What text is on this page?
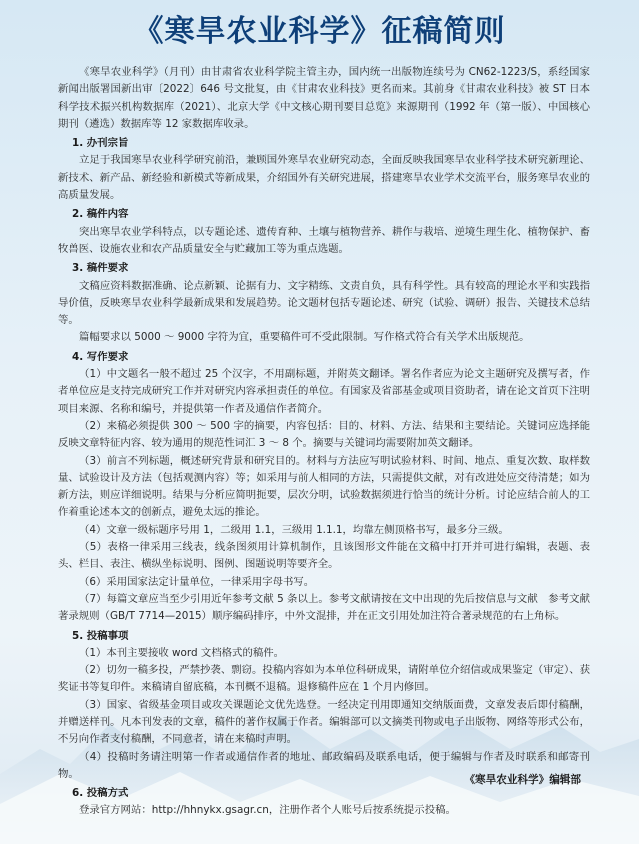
《寒旱农业科学》征稿简则

《寒旱农业科学》（月刊）由甘肃省农业科学院主管主办，国内统一出版物连续号为 CN62-1223/S，系经国家新闻出版署国新出审〔2022〕646 号文批复，由《甘肃农业科技》更名而来。其前身《甘肃农业科技》被 ST 日本科学技术振兴机构数据库（2021）、北京大学《中文核心期刊要目总览》来源期刊（1992 年（第一版）、中国核心期刊（遴选）数据库等 12 家数据库收录。

1. 办刊宗旨

立足于我国寒旱农业科学研究前沿，兼顾国外寒旱农业研究动态，全面反映我国寒旱农业科学技术研究新理论、新技术、新产品、新经验和新模式等新成果，介绍国外有关研究进展，搭建寒旱农业学术交流平台，服务寒旱农业的高质量发展。

2. 稿件内容

突出寒旱农业学科特点，以专题论述、遗传育种、土壤与植物营养、耕作与栽培、逆境生理生化、植物保护、畜牧兽医、设施农业和农产品质量安全与贮藏加工等为重点选题。

3. 稿件要求

文稿应资料数据准确、论点新颖、论据有力、文字精练、文责自负，具有科学性。具有较高的理论水平和实践指导价值，反映寒旱农业科学最新成果和发展趋势。论文题材包括专题论述、研究（试验、调研）报告、关键技术总结等。

篇幅要求以 5000 ～ 9000 字符为宜，重要稿件可不受此限制。写作格式符合有关学术出版规范。

4. 写作要求

（1）中文题名一般不超过 25 个汉字，不用副标题，并附英文翻译。署名作者应为论文主题研究及撰写者，作者单位应是支持完成研究工作并对研究内容承担责任的单位。有国家及省部基金或项目资助者，请在论文首页下注明项目来源、名称和编号，并提供第一作者及通信作者简介。

（2）来稿必须提供 300 ～ 500 字的摘要，内容包括：目的、材料、方法、结果和主要结论。关键词应选择能反映文章特征内容、较为通用的规范性词汇 3 ～ 8 个。摘要与关键词均需要附加英文翻译。

（3）前言不列标题，概述研究背景和研究目的。材料与方法应写明试验材料、时间、地点、重复次数、取样数量、试验设计及方法（包括观测内容）等；如采用与前人相同的方法，只需提供文献，对有改进处应交待清楚；如为新方法，则应详细说明。结果与分析应简明扼要，层次分明，试验数据须进行恰当的统计分析。讨论应结合前人的工作着重论述本文的创新点，避免太远的推论。

（4）文章一级标题序号用 1，二级用 1.1，三级用 1.1.1，均靠左侧顶格书写，最多分三级。

（5）表格一律采用三线表，线条图须用计算机制作，且该图形文件能在文稿中打开并可进行编辑，表题、表头、栏目、表注、横纵坐标说明、图例、图题说明等要齐全。

（6）采用国家法定计量单位，一律采用字母书写。

（7）每篇文章应当至少引用近年参考文献 5 条以上。参考文献请按在文中出现的先后按信息与文献　参考文献著录规则（GB/T 7714—2015）顺序编码排序，中外文混排，并在正文引用处加注符合著录规范的右上角标。

5. 投稿事项

（1）本刊主要接收 word 文档格式的稿件。

（2）切勿一稿多投，严禁抄袭、剽窃。投稿内容如为本单位科研成果，请附单位介绍信或成果鉴定（审定）、获奖证书等复印件。来稿请自留底稿，本刊概不退稿。退修稿件应在 1 个月内修回。

（3）国家、省级基金项目或攻关课题论文优先选登。一经决定刊用即通知交纳版面费，文章发表后即付稿酬，并赠送样刊。凡本刊发表的文章，稿件的著作权属于作者。编辑部可以文摘类刊物或电子出版物、网络等形式公布，不另向作者支付稿酬，不同意者，请在来稿时声明。

（4）投稿时务请注明第一作者或通信作者的地址、邮政编码及联系电话，便于编辑与作者及时联系和邮寄刊物。

6. 投稿方式

登录官方网站：http://hhnykx.gsagr.cn，注册作者个人账号后按系统提示投稿。

《寒旱农业科学》编辑部
